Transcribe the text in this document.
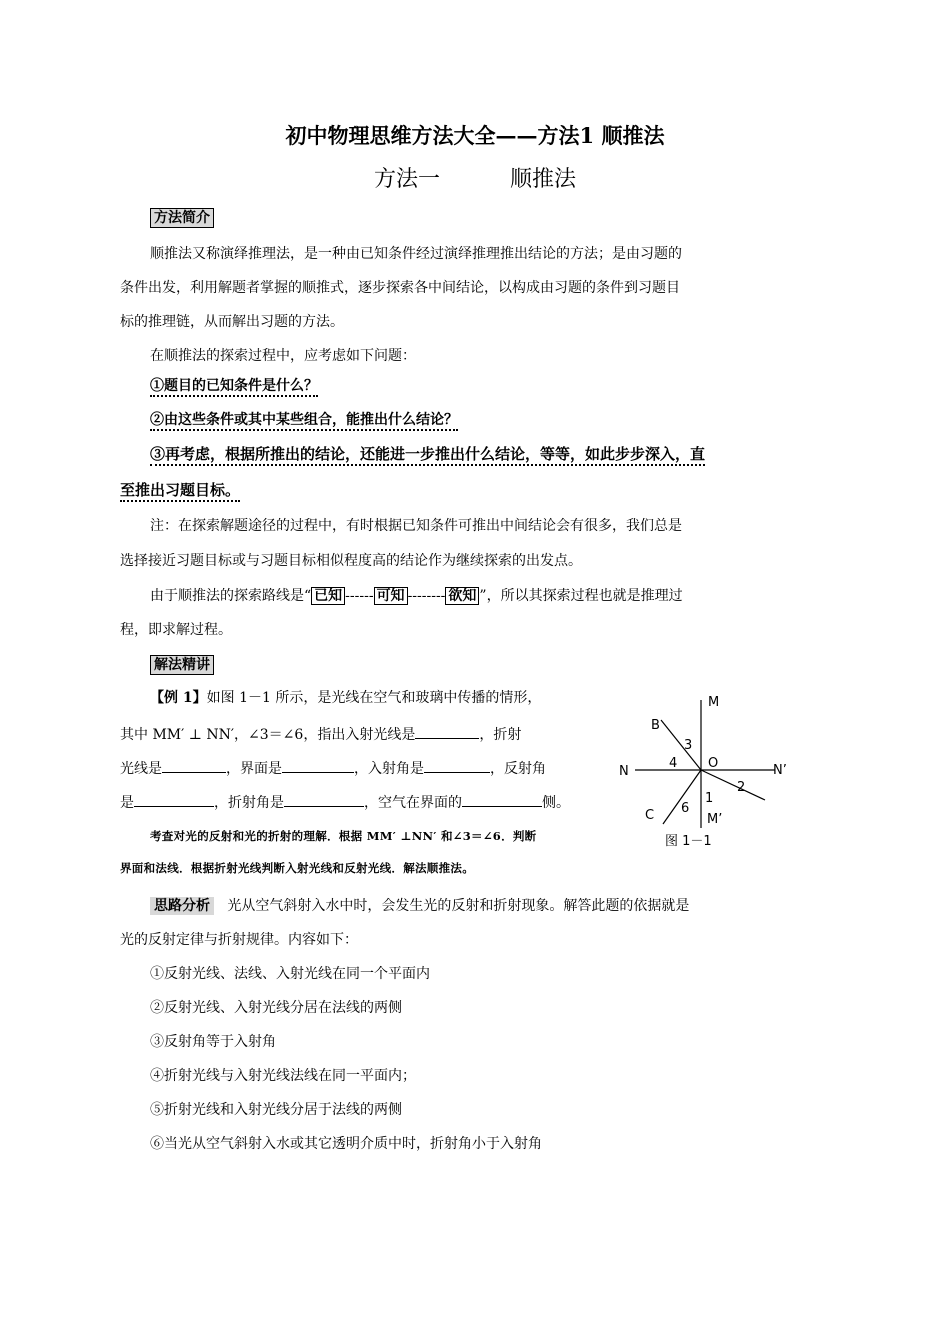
初中物理思维方法大全——方法1 顺推法
方法一	顺推法
方法简介
顺推法又称演绎推理法，是一种由已知条件经过演绎推理推出结论的方法；是由习题的
条件出发，利用解题者掌握的顺推式，逐步探索各中间结论，以构成由习题的条件到习题目
标的推理链，从而解出习题的方法。
在顺推法的探索过程中，应考虑如下问题：
①题目的已知条件是什么？
②由这些条件或其中某些组合，能推出什么结论？
③再考虑，根据所推出的结论，还能进一步推出什么结论，等等，如此步步深入，直
至推出习题目标。
注：在探索解题途径的过程中，有时根据已知条件可推出中间结论会有很多，我们总是
选择接近习题目标或与习题目标相似程度高的结论作为继续探索的出发点。
由于顺推法的探索路线是“ 已知 ------ 可知 -------- 欲知 ”，所以其探索过程也就是推理过
程，即求解过程。
解法精讲
【例 1】如图 1－1 所示，是光线在空气和玻璃中传播的情形，
其中 MM′ ⊥ NN′，∠3＝∠6，指出入射光线是	，折射
光线是	，界面是	，入射角是	，反射角
是	，折射角是	，空气在界面的	侧。
考查对光的反射和光的折射的理解．根据 MM′ ⊥NN′ 和∠3＝∠6．判断
界面和法线．根据折射光线判断入射光线和反射光线．解法顺推法。
M
N	N’
M’
O
B
C
1
2
3
4
6
图 1－1
思路分析 光从空气斜射入水中时，会发生光的反射和折射现象。解答此题的依据就是
光的反射定律与折射规律。内容如下：
①反射光线、法线、入射光线在同一个平面内
②反射光线、入射光线分居在法线的两侧
③反射角等于入射角
④折射光线与入射光线法线在同一平面内；
⑤折射光线和入射光线分居于法线的两侧
⑥当光从空气斜射入水或其它透明介质中时，折射角小于入射角
